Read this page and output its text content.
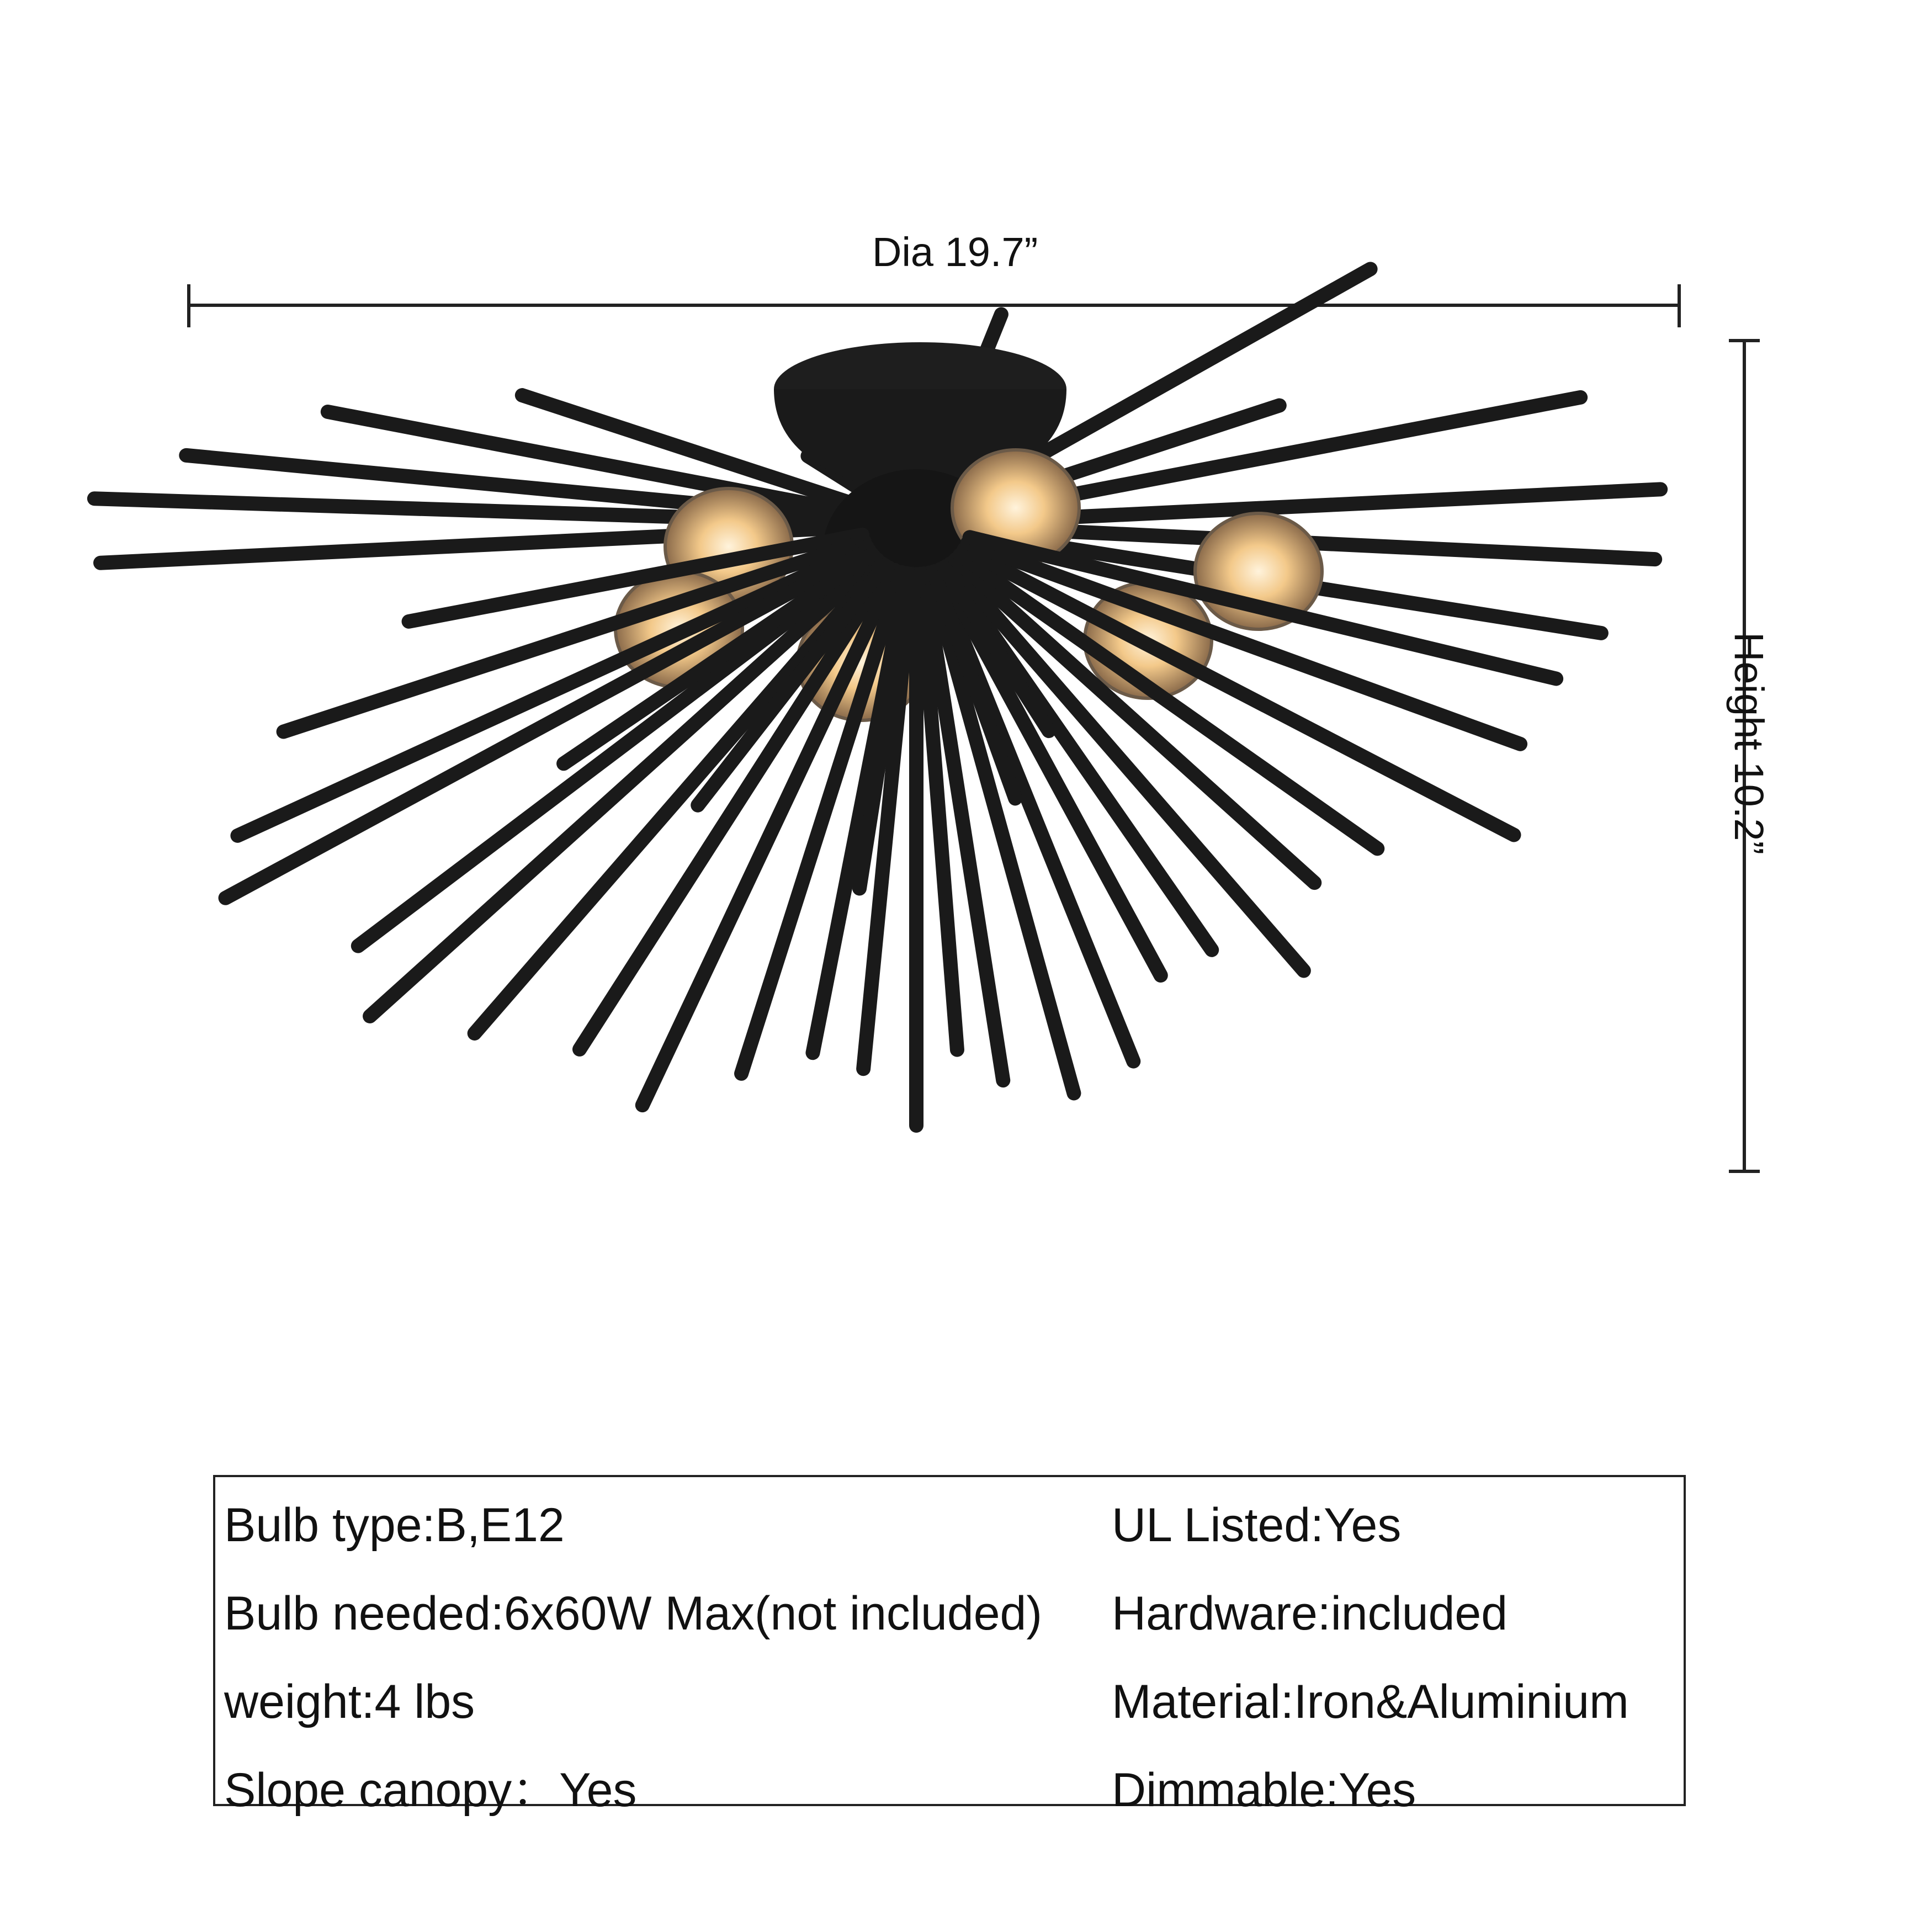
Dia 19.7”
Height 10.2”
Bulb type:B,E12
Bulb needed:6x60W Max(not included)
weight:4 lbs
Slope canopy：Yes
UL Listed:Yes
Hardware:included
Material:Iron&Aluminium
Dimmable:Yes
